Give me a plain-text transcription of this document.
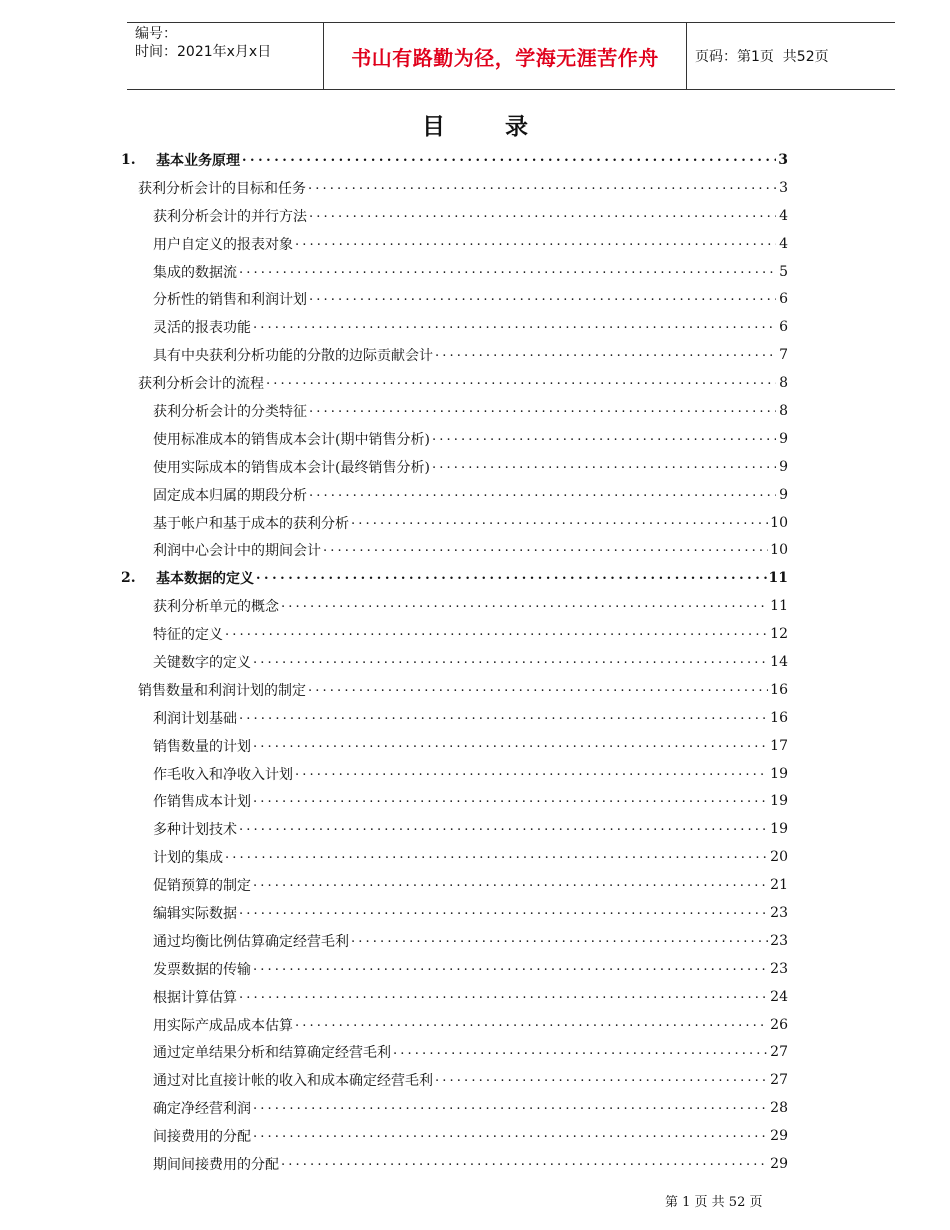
编号：
时间：2021年x月x日	书山有路勤为径，学海无涯苦作舟	页码：第1页  共52页
目	录
1.	基本业务原理 . . .	3
获利分析会计的目标和任务 . . .	3
获利分析会计的并行方法 . . .	4
用户自定义的报表对象 . . .	4
集成的数据流 . . .	5
分析性的销售和利润计划 . . .	6
灵活的报表功能 . . .	6
具有中央获利分析功能的分散的边际贡献会计 . . .	7
获利分析会计的流程 . . .	8
获利分析会计的分类特征 . . .	8
使用标准成本的销售成本会计(期中销售分析) . . .	9
使用实际成本的销售成本会计(最终销售分析) . . .	9
固定成本归属的期段分析 . . .	9
基于帐户和基于成本的获利分析 . . .	10
利润中心会计中的期间会计 . . .	10
2.	基本数据的定义 . . .	11
获利分析单元的概念 . . .	11
特征的定义 . . .	12
关键数字的定义 . . .	14
销售数量和利润计划的制定 . . .	16
利润计划基础 . . .	16
销售数量的计划 . . .	17
作毛收入和净收入计划 . . .	19
作销售成本计划 . . .	19
多种计划技术 . . .	19
计划的集成 . . .	20
促销预算的制定 . . .	21
编辑实际数据 . . .	23
通过均衡比例估算确定经营毛利 . . .	23
发票数据的传输 . . .	23
根据计算估算 . . .	24
用实际产成品成本估算 . . .	26
通过定单结果分析和结算确定经营毛利 . . .	27
通过对比直接计帐的收入和成本确定经营毛利 . . .	27
确定净经营利润 . . .	28
间接费用的分配 . . .	29
期间间接费用的分配 . . .	29
第 1 页 共 52 页
